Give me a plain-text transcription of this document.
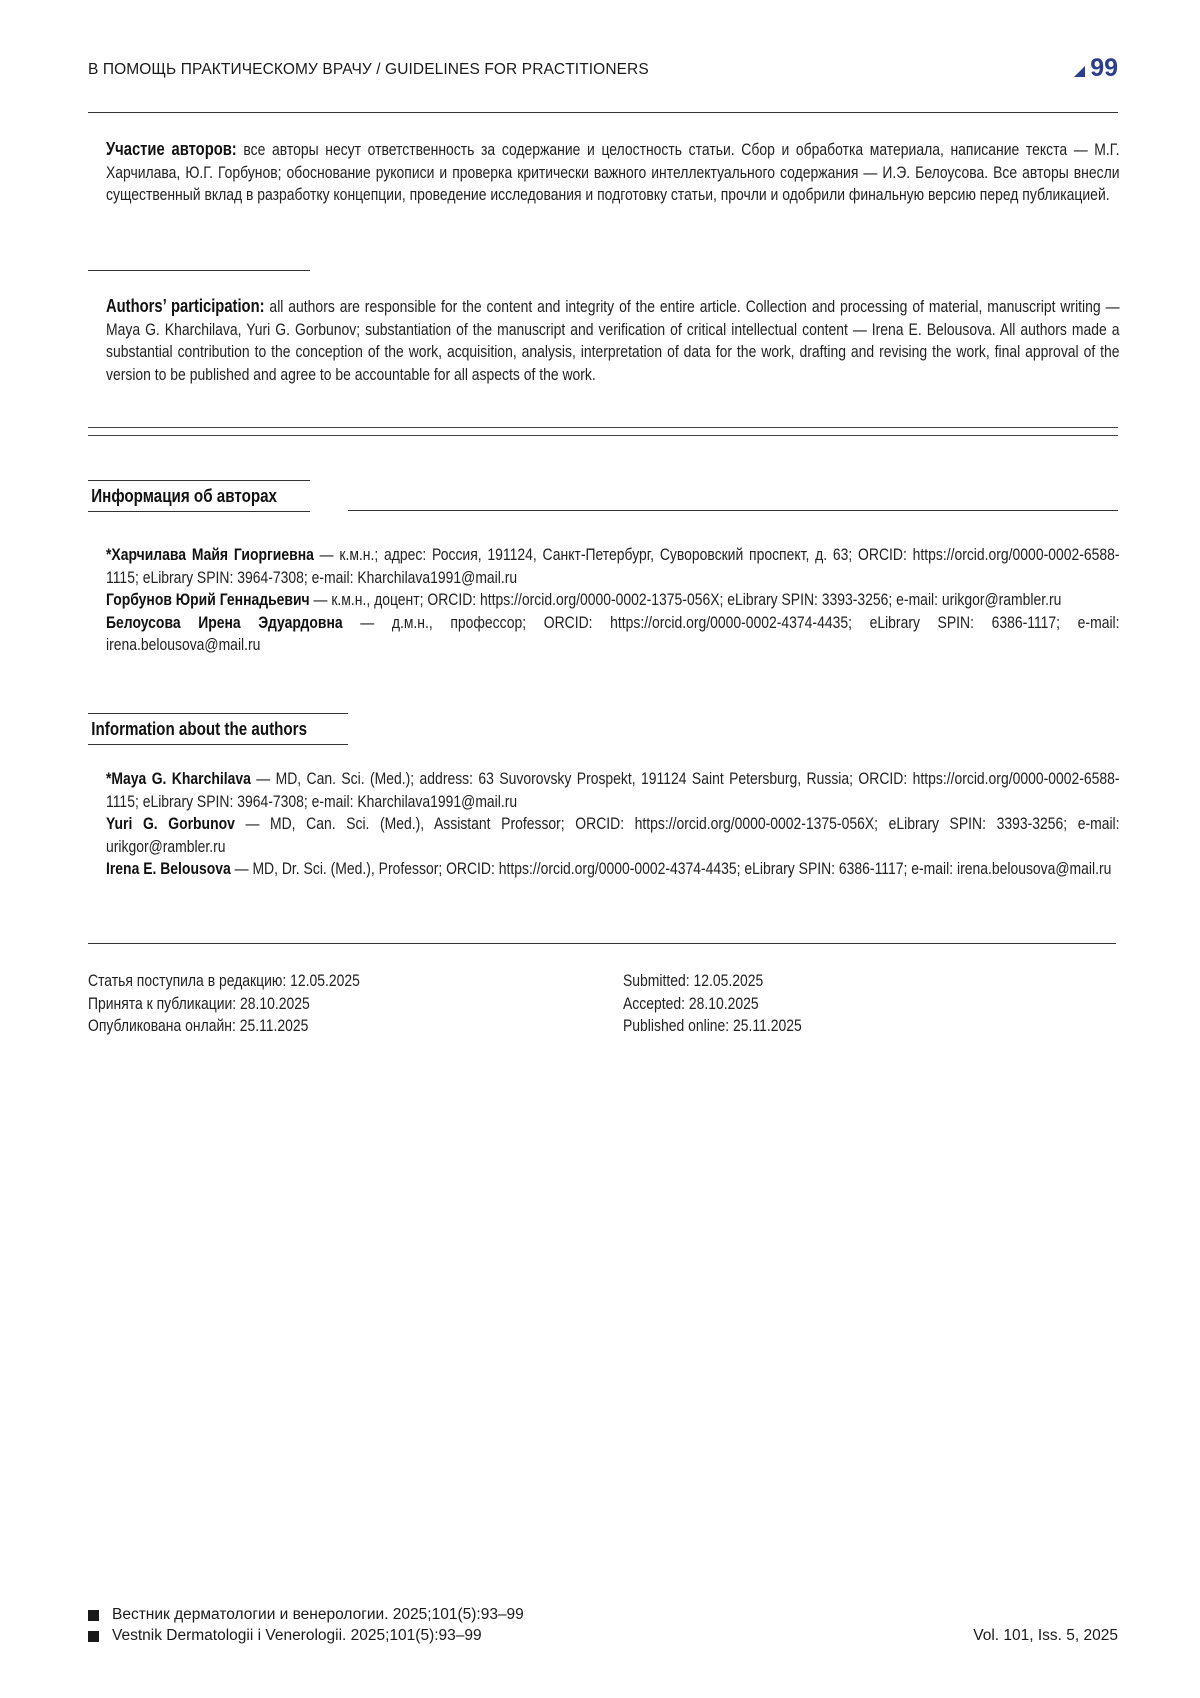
В ПОМОЩЬ ПРАКТИЧЕСКОМУ ВРАЧУ / GUIDELINES FOR PRACTITIONERS	99
Участие авторов: все авторы несут ответственность за содержание и целостность статьи. Сбор и обработка материала, написание текста — М.Г. Харчилава, Ю.Г. Горбунов; обоснование рукописи и проверка критически важного интеллектуального содержания — И.Э. Белоусова. Все авторы внесли существенный вклад в разработку концепции, проведение исследования и подготовку статьи, прочли и одобрили финальную версию перед публикацией.
Authors’ participation: all authors are responsible for the content and integrity of the entire article. Collection and processing of material, manuscript writing — Maya G. Kharchilava, Yuri G. Gorbunov; substantiation of the manuscript and verification of critical intellectual content — Irena E. Belousova. All authors made a substantial contribution to the conception of the work, acquisition, analysis, interpretation of data for the work, drafting and revising the work, final approval of the version to be published and agree to be accountable for all aspects of the work.
Информация об авторах
*Харчилава Майя Гиоргиевна — к.м.н.; адрес: Россия, 191124, Санкт-Петербург, Суворовский проспект, д. 63; ORCID: https://orcid.org/0000-0002-6588-1115; eLibrary SPIN: 3964-7308; e-mail: Kharchilava1991@mail.ru
Горбунов Юрий Геннадьевич — к.м.н., доцент; ORCID: https://orcid.org/0000-0002-1375-056X; eLibrary SPIN: 3393-3256; e-mail: urikgor@rambler.ru
Белоусова Ирена Эдуардовна — д.м.н., профессор; ORCID: https://orcid.org/0000-0002-4374-4435; eLibrary SPIN: 6386-1117; e-mail: irena.belousova@mail.ru
Information about the authors
*Maya G. Kharchilava — MD, Can. Sci. (Med.); address: 63 Suvorovsky Prospekt, 191124 Saint Petersburg, Russia; ORCID: https://orcid.org/0000-0002-6588-1115; eLibrary SPIN: 3964-7308; e-mail: Kharchilava1991@mail.ru
Yuri G. Gorbunov — MD, Can. Sci. (Med.), Assistant Professor; ORCID: https://orcid.org/0000-0002-1375-056X; eLibrary SPIN: 3393-3256; e-mail: urikgor@rambler.ru
Irena E. Belousova — MD, Dr. Sci. (Med.), Professor; ORCID: https://orcid.org/0000-0002-4374-4435; eLibrary SPIN: 6386-1117; e-mail: irena.belousova@mail.ru
Статья поступила в редакцию: 12.05.2025
Принята к публикации: 28.10.2025
Опубликована онлайн: 25.11.2025
Submitted: 12.05.2025
Accepted: 28.10.2025
Published online: 25.11.2025
Вестник дерматологии и венерологии. 2025;101(5):93–99
Vestnik Dermatologii i Venerologii. 2025;101(5):93–99	Vol. 101, Iss. 5, 2025
